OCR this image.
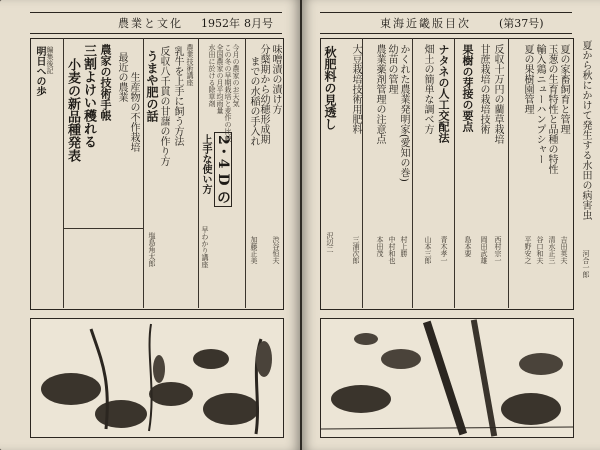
農業と文化 1952年 8月号
編集後記
明日への歩	三割よけい穫れる
小麦の新品種発表 農家の技術手帳 最近の農業 生産物の不作栽培
農業技術講座
乳牛を上手に飼う方法
反収八千貫の甘藷の作り方
うまや肥の話
塩島角太郎
今月の農家のお天気
この冬の早期栽培と麦作の比較
全国農家の月平均雨量
水田に於ける除草剤
2・4 D の
上手な使い方
早わかり講座
味噌漬の漬け方
渋谷恒夫
分蘖期から幼穂形成期
までの水稲の手入れ
加藤正美
東海近畿版目次	(第37号)
秋肥料の見透し
沢辺二
大豆栽培技術用肥料
三浦次郎
かくれた農業発明家(愛知の巻)
幼苗の管理
農業薬剤管理の注意点
村上勝
中村和也
本田茂
ナタネの人工交配法
青木孝一
畑土の簡単な調べ方
山本三郎
反収十万円の藺草栽培
甘蔗栽培の栽培技術
西村宗一
岡田武雄
果樹の芽接の要点
島本要
夏の家畜飼育と管理
玉葱の生育特性と品種の特性
輸入鶏ニューハンプシャー
夏の果樹園管理
吉田英夫
清水正三
谷口和夫
平野安之
夏から秋にかけて発生する水田の病害虫
河合一郎
